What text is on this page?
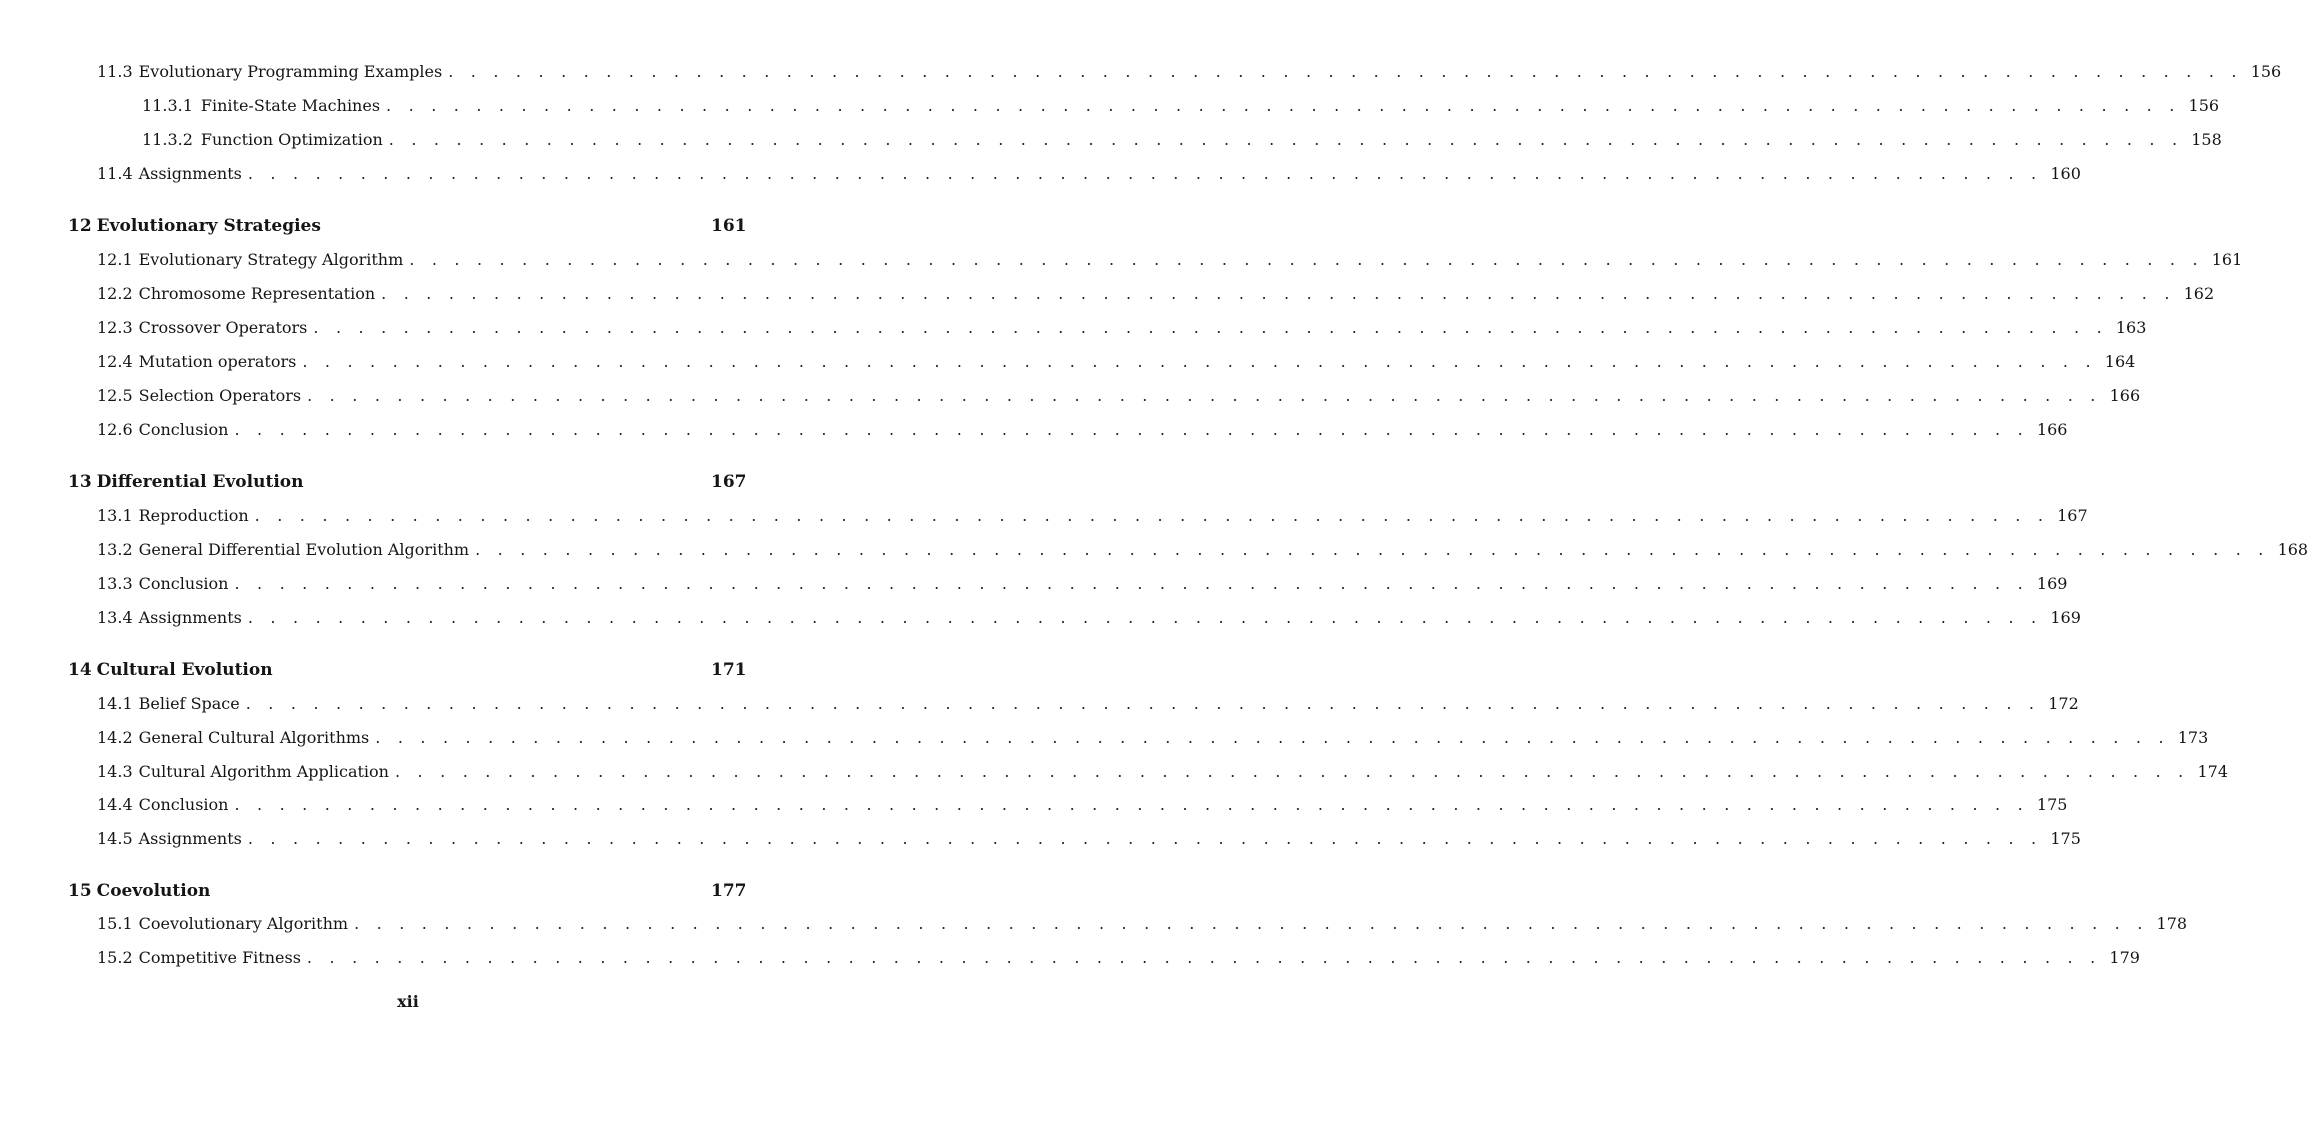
11.3 Evolutionary Programming Examples . . . . . . . . . . . . . . . . . . . . . . . . . . . . . . . . . . . . . . . . . . . . . . . . . . . . . . . . . . . . . . . . . . . . . . . . . . . . . . . . 156
11.3.1 Finite-State Machines . . . . . . . . . . . . . . . . . . . . . . . . . . . . . . . . . . . . . . . . . . . . . . . . . . . . . . . . . . . . . . . . . . . . . . . . . . . . . . . . 156
11.3.2 Function Optimization . . . . . . . . . . . . . . . . . . . . . . . . . . . . . . . . . . . . . . . . . . . . . . . . . . . . . . . . . . . . . . . . . . . . . . . . . . . . . . . . 158
11.4 Assignments . . . . . . . . . . . . . . . . . . . . . . . . . . . . . . . . . . . . . . . . . . . . . . . . . . . . . . . . . . . . . . . . . . . . . . . . . . . . . . . . 160
12 Evolutionary Strategies	161
12.1 Evolutionary Strategy Algorithm . . . . . . . . . . . . . . . . . . . . . . . . . . . . . . . . . . . . . . . . . . . . . . . . . . . . . . . . . . . . . . . . . . . . . . . . . . . . . . . . 161
12.2 Chromosome Representation . . . . . . . . . . . . . . . . . . . . . . . . . . . . . . . . . . . . . . . . . . . . . . . . . . . . . . . . . . . . . . . . . . . . . . . . . . . . . . . . 162
12.3 Crossover Operators . . . . . . . . . . . . . . . . . . . . . . . . . . . . . . . . . . . . . . . . . . . . . . . . . . . . . . . . . . . . . . . . . . . . . . . . . . . . . . . . 163
12.4 Mutation operators . . . . . . . . . . . . . . . . . . . . . . . . . . . . . . . . . . . . . . . . . . . . . . . . . . . . . . . . . . . . . . . . . . . . . . . . . . . . . . . . 164
12.5 Selection Operators . . . . . . . . . . . . . . . . . . . . . . . . . . . . . . . . . . . . . . . . . . . . . . . . . . . . . . . . . . . . . . . . . . . . . . . . . . . . . . . . 166
12.6 Conclusion . . . . . . . . . . . . . . . . . . . . . . . . . . . . . . . . . . . . . . . . . . . . . . . . . . . . . . . . . . . . . . . . . . . . . . . . . . . . . . . . 166
13 Differential Evolution	167
13.1 Reproduction . . . . . . . . . . . . . . . . . . . . . . . . . . . . . . . . . . . . . . . . . . . . . . . . . . . . . . . . . . . . . . . . . . . . . . . . . . . . . . . . 167
13.2 General Differential Evolution Algorithm . . . . . . . . . . . . . . . . . . . . . . . . . . . . . . . . . . . . . . . . . . . . . . . . . . . . . . . . . . . . . . . . . . . . . . . . . . . . . . . . 168
13.3 Conclusion . . . . . . . . . . . . . . . . . . . . . . . . . . . . . . . . . . . . . . . . . . . . . . . . . . . . . . . . . . . . . . . . . . . . . . . . . . . . . . . . 169
13.4 Assignments . . . . . . . . . . . . . . . . . . . . . . . . . . . . . . . . . . . . . . . . . . . . . . . . . . . . . . . . . . . . . . . . . . . . . . . . . . . . . . . . 169
14 Cultural Evolution	171
14.1 Belief Space . . . . . . . . . . . . . . . . . . . . . . . . . . . . . . . . . . . . . . . . . . . . . . . . . . . . . . . . . . . . . . . . . . . . . . . . . . . . . . . . 172
14.2 General Cultural Algorithms . . . . . . . . . . . . . . . . . . . . . . . . . . . . . . . . . . . . . . . . . . . . . . . . . . . . . . . . . . . . . . . . . . . . . . . . . . . . . . . . 173
14.3 Cultural Algorithm Application . . . . . . . . . . . . . . . . . . . . . . . . . . . . . . . . . . . . . . . . . . . . . . . . . . . . . . . . . . . . . . . . . . . . . . . . . . . . . . . . 174
14.4 Conclusion . . . . . . . . . . . . . . . . . . . . . . . . . . . . . . . . . . . . . . . . . . . . . . . . . . . . . . . . . . . . . . . . . . . . . . . . . . . . . . . . 175
14.5 Assignments . . . . . . . . . . . . . . . . . . . . . . . . . . . . . . . . . . . . . . . . . . . . . . . . . . . . . . . . . . . . . . . . . . . . . . . . . . . . . . . . 175
15 Coevolution	177
15.1 Coevolutionary Algorithm . . . . . . . . . . . . . . . . . . . . . . . . . . . . . . . . . . . . . . . . . . . . . . . . . . . . . . . . . . . . . . . . . . . . . . . . . . . . . . . . 178
15.2 Competitive Fitness . . . . . . . . . . . . . . . . . . . . . . . . . . . . . . . . . . . . . . . . . . . . . . . . . . . . . . . . . . . . . . . . . . . . . . . . . . . . . . . . 179
xii
